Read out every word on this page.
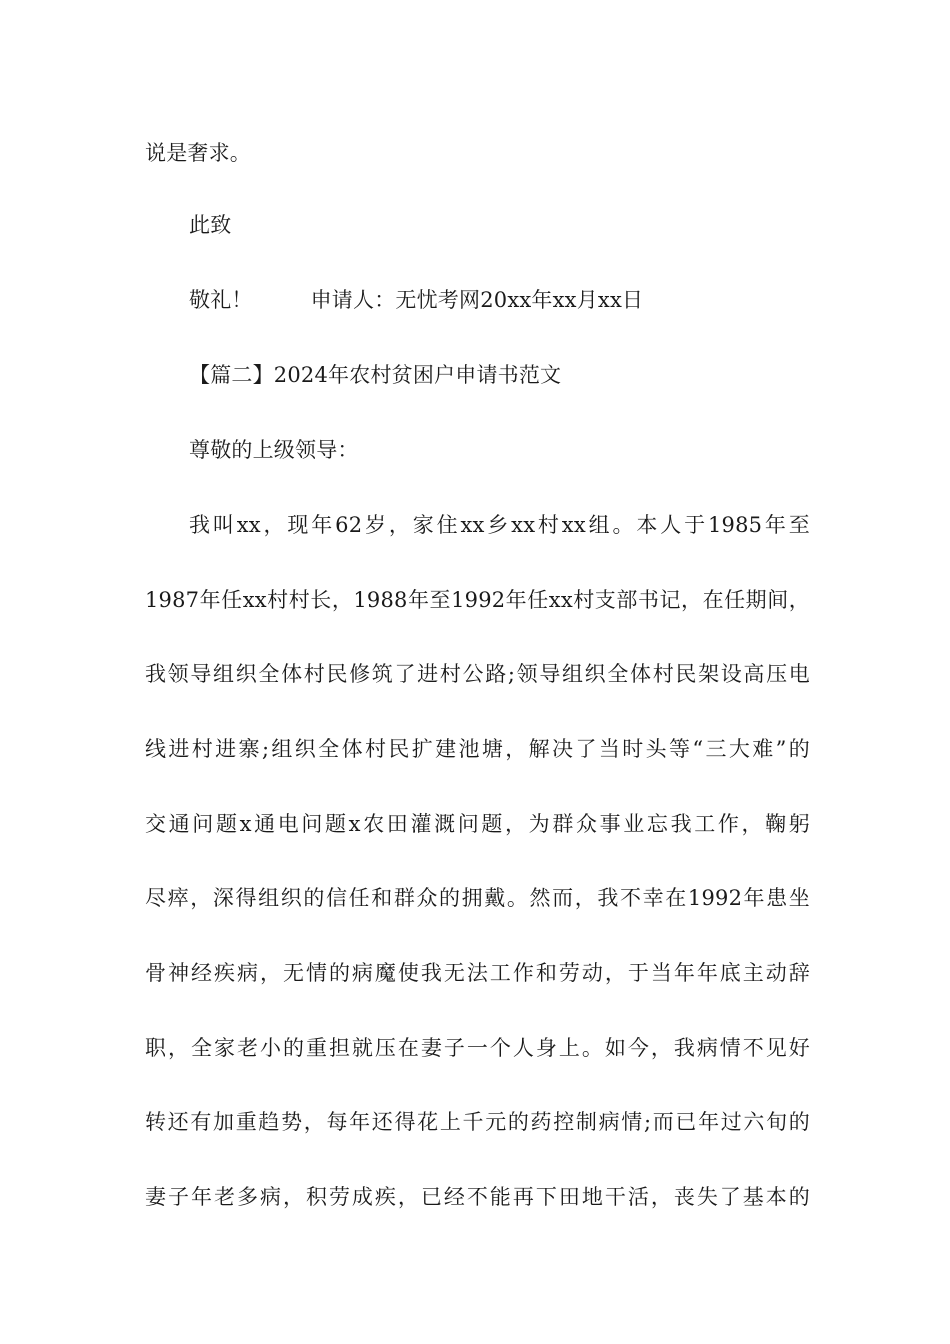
说是奢求。
此致
敬礼！	申请人：无忧考网20xx年xx月xx日
【篇二】2024年农村贫困户申请书范文
尊敬的上级领导：
我叫xx，现年62岁，家住xx乡xx村xx组。本人于1985年至
1987年任xx村村长，1988年至1992年任xx村支部书记，在任期间，
我领导组织全体村民修筑了进村公路;领导组织全体村民架设高压电
线进村进寨;组织全体村民扩建池塘，解决了当时头等“三大难”的
交通问题x通电问题x农田灌溉问题，为群众事业忘我工作，鞠躬
尽瘁，深得组织的信任和群众的拥戴。然而，我不幸在1992年患坐
骨神经疾病，无情的病魔使我无法工作和劳动，于当年年底主动辞
职，全家老小的重担就压在妻子一个人身上。如今，我病情不见好
转还有加重趋势，每年还得花上千元的药控制病情;而已年过六旬的
妻子年老多病，积劳成疾，已经不能再下田地干活，丧失了基本的
